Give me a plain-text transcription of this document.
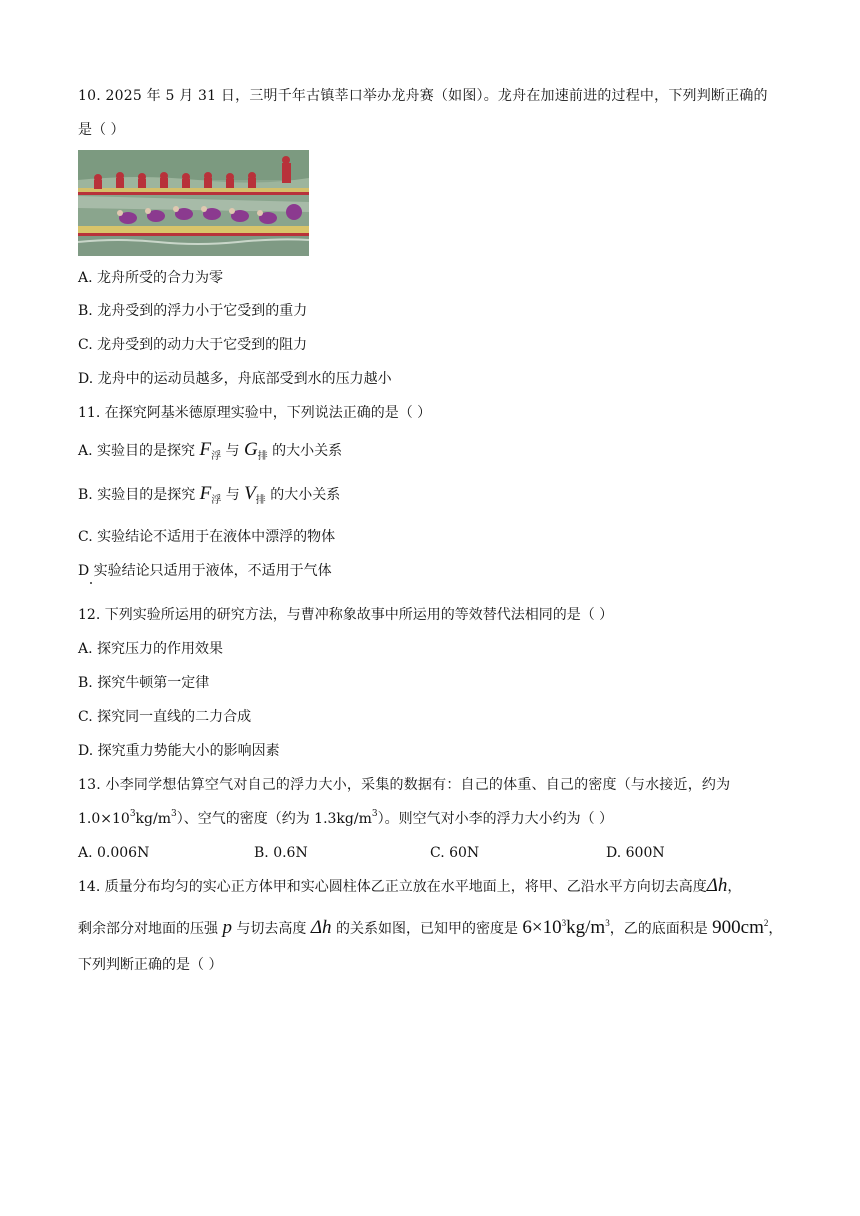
10. 2025 年 5 月 31 日，三明千年古镇莘口举办龙舟赛（如图）。龙舟在加速前进的过程中，下列判断正确的
是（ ）
A. 龙舟所受的合力为零
B. 龙舟受到的浮力小于它受到的重力
C. 龙舟受到的动力大于它受到的阻力
D. 龙舟中的运动员越多，舟底部受到水的压力越小
11. 在探究阿基米德原理实验中，下列说法正确的是（ ）
A. 实验目的是探究 $F_浮$ 与 $G_排$ 的大小关系
B. 实验目的是探究 $F_浮$ 与 $V_排$ 的大小关系
C. 实验结论不适用于在液体中漂浮的物体
D 实验结论只适用于液体，不适用于气体
12. 下列实验所运用的研究方法，与曹冲称象故事中所运用的等效替代法相同的是（ ）
A. 探究压力的作用效果
B. 探究牛顿第一定律
C. 探究同一直线的二力合成
D. 探究重力势能大小的影响因素
13. 小李同学想估算空气对自己的浮力大小，采集的数据有：自己的体重、自己的密度（与水接近，约为
$1.0\times 10^3kg/m^3$）、空气的密度（约为 $1.3kg/m^3$）。则空气对小李的浮力大小约为（ ）
A. 0.006N	B. 0.6N	C. 60N	D. 600N
14. 质量分布均匀的实心正方体甲和实心圆柱体乙正立放在水平地面上，将甲、乙沿水平方向切去高度Δh，
剩余部分对地面的压强 p 与切去高度 Δh 的关系如图，已知甲的密度是 $6\times 10^3kg/m^3$，乙的底面积是 $900cm^2$，
下列判断正确的是（ ）
